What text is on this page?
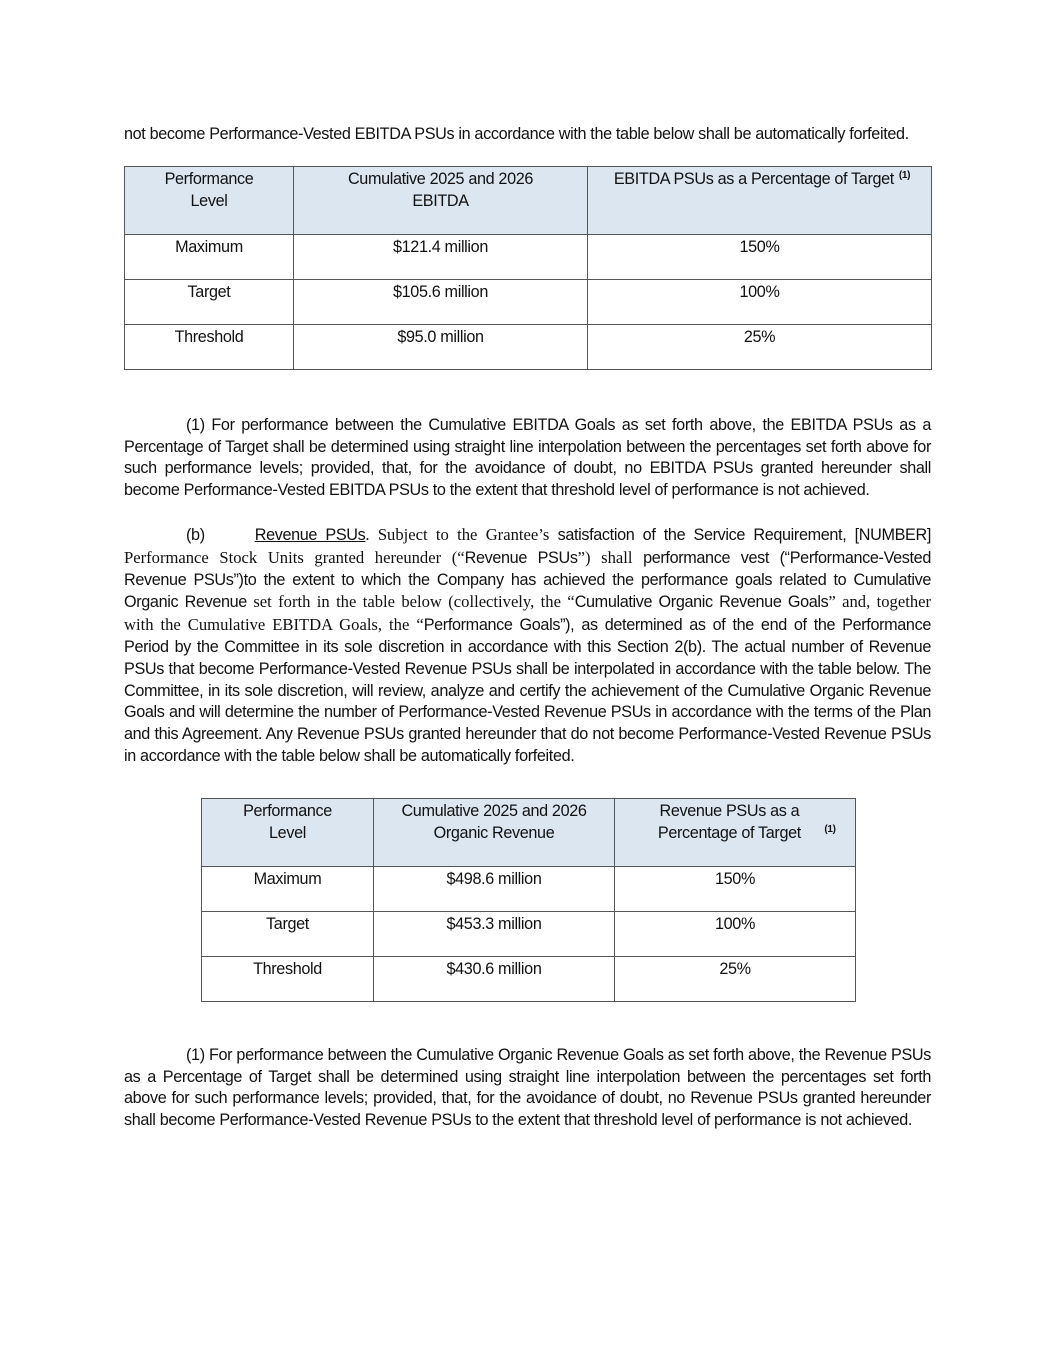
not become Performance-Vested EBITDA PSUs in accordance with the table below shall be automatically forfeited.

Performance Level	Cumulative 2025 and 2026 EBITDA	EBITDA PSUs as a Percentage of Target $^{(1)}$
Maximum	$121.4 million	150%
Target	$105.6 million	100%
Threshold	$95.0 million	25%

(1) For performance between the Cumulative EBITDA Goals as set forth above, the EBITDA PSUs as a Percentage of Target shall be determined using straight line interpolation between the percentages set forth above for such performance levels; provided, that, for the avoidance of doubt, no EBITDA PSUs granted hereunder shall become Performance-Vested EBITDA PSUs to the extent that threshold level of performance is not achieved.

(b)	Revenue PSUs. Subject to the Grantee’s satisfaction of the Service Requirement, [NUMBER] Performance Stock Units granted hereunder (“Revenue PSUs”) shall performance vest (“Performance-Vested Revenue PSUs”)to the extent to which the Company has achieved the performance goals related to Cumulative Organic Revenue set forth in the table below (collectively, the “Cumulative Organic Revenue Goals” and, together with the Cumulative EBITDA Goals, the “Performance Goals”), as determined as of the end of the Performance Period by the Committee in its sole discretion in accordance with this Section 2(b). The actual number of Revenue PSUs that become Performance-Vested Revenue PSUs shall be interpolated in accordance with the table below. The Committee, in its sole discretion, will review, analyze and certify the achievement of the Cumulative Organic Revenue Goals and will determine the number of Performance-Vested Revenue PSUs in accordance with the terms of the Plan and this Agreement. Any Revenue PSUs granted hereunder that do not become Performance-Vested Revenue PSUs in accordance with the table below shall be automatically forfeited.

Performance Level	Cumulative 2025 and 2026 Organic Revenue	Revenue PSUs as a Percentage of Target $^{(1)}$
Maximum	$498.6 million	150%
Target	$453.3 million	100%
Threshold	$430.6 million	25%

(1) For performance between the Cumulative Organic Revenue Goals as set forth above, the Revenue PSUs as a Percentage of Target shall be determined using straight line interpolation between the percentages set forth above for such performance levels; provided, that, for the avoidance of doubt, no Revenue PSUs granted hereunder shall become Performance-Vested Revenue PSUs to the extent that threshold level of performance is not achieved.
